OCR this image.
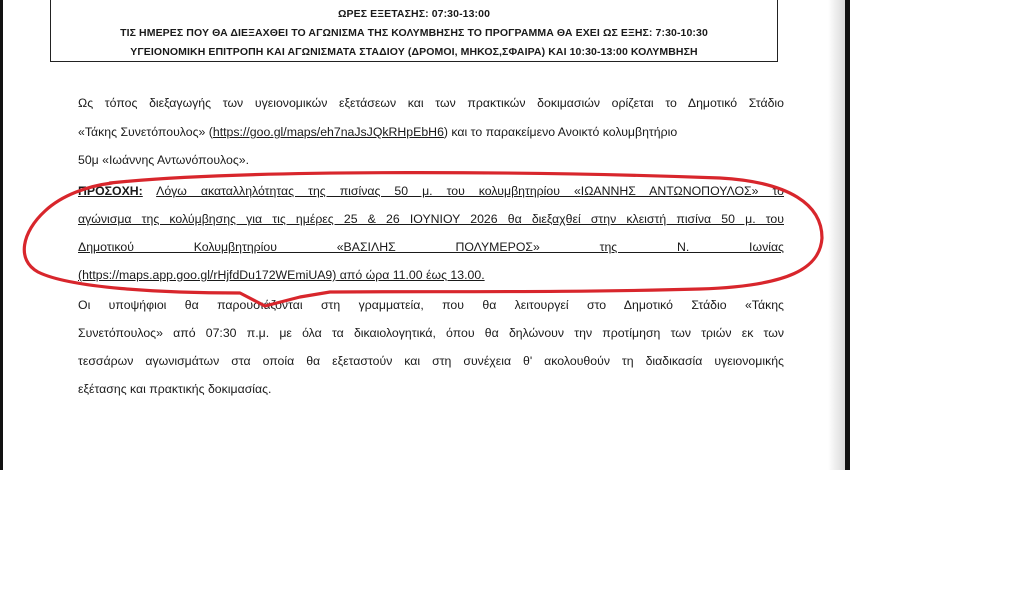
ΩΡΕΣ ΕΞΕΤΑΣΗΣ: 07:30-13:00
ΤΙΣ ΗΜΕΡΕΣ ΠΟΥ ΘΑ ΔΙΕΞΑΧΘΕΙ ΤΟ ΑΓΩΝΙΣΜΑ ΤΗΣ ΚΟΛΥΜΒΗΣΗΣ ΤΟ ΠΡΟΓΡΑΜΜΑ ΘΑ ΕΧΕΙ ΩΣ ΕΞΗΣ: 7:30-10:30
ΥΓΕΙΟΝΟΜΙΚΗ ΕΠΙΤΡΟΠΗ ΚΑΙ ΑΓΩΝΙΣΜΑΤΑ ΣΤΑΔΙΟΥ (ΔΡΟΜΟΙ, ΜΗΚΟΣ,ΣΦΑΙΡΑ) ΚΑΙ 10:30-13:00 ΚΟΛΥΜΒΗΣΗ
Ως τόπος διεξαγωγής των υγειονομικών εξετάσεων και των πρακτικών δοκιμασιών ορίζεται το Δημοτικό Στάδιο
«Τάκης Συνετόπουλος» (https://goo.gl/maps/eh7naJsJQkRHpEbH6) και το παρακείμενο Ανοικτό κολυμβητήριο
50μ «Ιωάννης Αντωνόπουλος».
ΠΡΟΣΟΧΗ: Λόγω ακαταλληλότητας της πισίνας 50 μ. του κολυμβητηρίου «ΙΩΑΝΝΗΣ ΑΝΤΩΝΟΠΟΥΛΟΣ» το
αγώνισμα της κολύμβησης για τις ημέρες 25 & 26 ΙΟΥΝΙΟΥ 2026 θα διεξαχθεί στην κλειστή πισίνα 50 μ. του
Δημοτικού Κολυμβητηρίου «ΒΑΣΙΛΗΣ ΠΟΛΥΜΕΡΟΣ» της Ν. Ιωνίας
(https://maps.app.goo.gl/rHjfdDu172WEmiUA9) από ώρα 11.00 έως 13.00.
Οι υποψήφιοι θα παρουσιάζονται στη γραμματεία, που θα λειτουργεί στο Δημοτικό Στάδιο «Τάκης
Συνετόπουλος» από 07:30 π.μ. με όλα τα δικαιολογητικά, όπου θα δηλώνουν την προτίμηση των τριών εκ των
τεσσάρων αγωνισμάτων στα οποία θα εξεταστούν και στη συνέχεια θ' ακολουθούν τη διαδικασία υγειονομικής
εξέτασης και πρακτικής δοκιμασίας.
